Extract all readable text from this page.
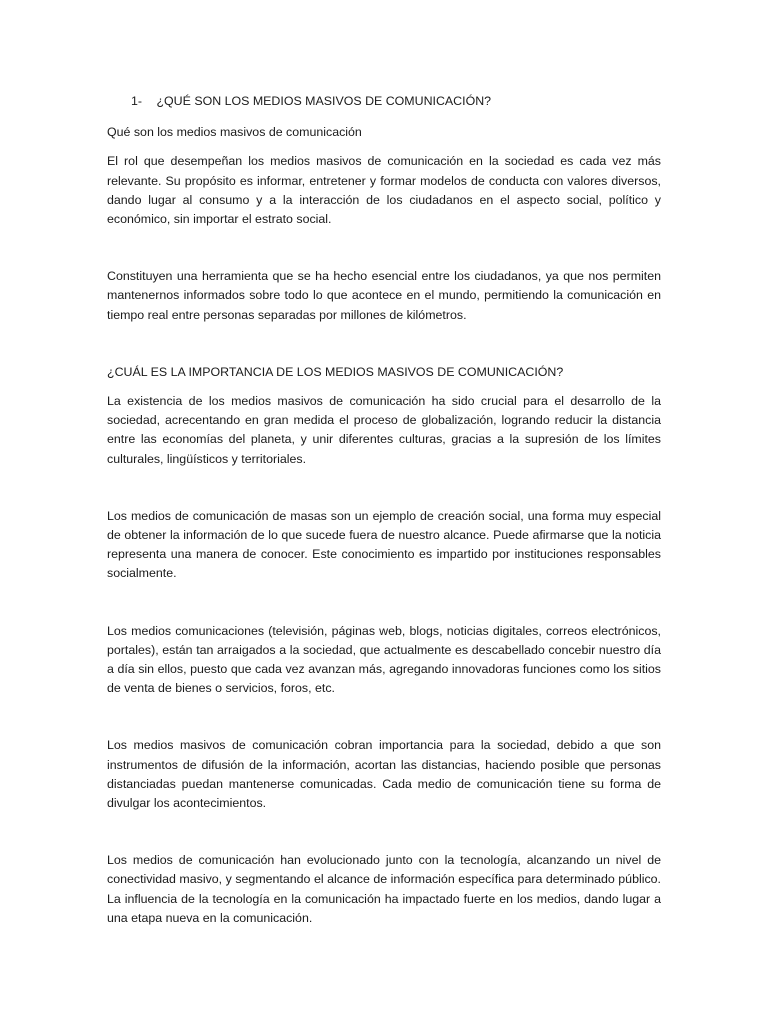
1- ¿QUÉ SON LOS MEDIOS MASIVOS DE COMUNICACIÓN?
Qué son los medios masivos de comunicación

El rol que desempeñan los medios masivos de comunicación en la sociedad es cada vez más relevante. Su propósito es informar, entretener y formar modelos de conducta con valores diversos, dando lugar al consumo y a la interacción de los ciudadanos en el aspecto social, político y económico, sin importar el estrato social.

Constituyen una herramienta que se ha hecho esencial entre los ciudadanos, ya que nos permiten mantenernos informados sobre todo lo que acontece en el mundo, permitiendo la comunicación en tiempo real entre personas separadas por millones de kilómetros.

¿CUÁL ES LA IMPORTANCIA DE LOS MEDIOS MASIVOS DE COMUNICACIÓN?

La existencia de los medios masivos de comunicación ha sido crucial para el desarrollo de la sociedad, acrecentando en gran medida el proceso de globalización, logrando reducir la distancia entre las economías del planeta, y unir diferentes culturas, gracias a la supresión de los límites culturales, lingüísticos y territoriales.

Los medios de comunicación de masas son un ejemplo de creación social, una forma muy especial de obtener la información de lo que sucede fuera de nuestro alcance. Puede afirmarse que la noticia representa una manera de conocer. Este conocimiento es impartido por instituciones responsables socialmente.

Los medios comunicaciones (televisión, páginas web, blogs, noticias digitales, correos electrónicos, portales), están tan arraigados a la sociedad, que actualmente es descabellado concebir nuestro día a día sin ellos, puesto que cada vez avanzan más, agregando innovadoras funciones como los sitios de venta de bienes o servicios, foros, etc.

Los medios masivos de comunicación cobran importancia para la sociedad, debido a que son instrumentos de difusión de la información, acortan las distancias, haciendo posible que personas distanciadas puedan mantenerse comunicadas. Cada medio de comunicación tiene su forma de divulgar los acontecimientos.

Los medios de comunicación han evolucionado junto con la tecnología, alcanzando un nivel de conectividad masivo, y segmentando el alcance de información específica para determinado público. La influencia de la tecnología en la comunicación ha impactado fuerte en los medios, dando lugar a una etapa nueva en la comunicación.
